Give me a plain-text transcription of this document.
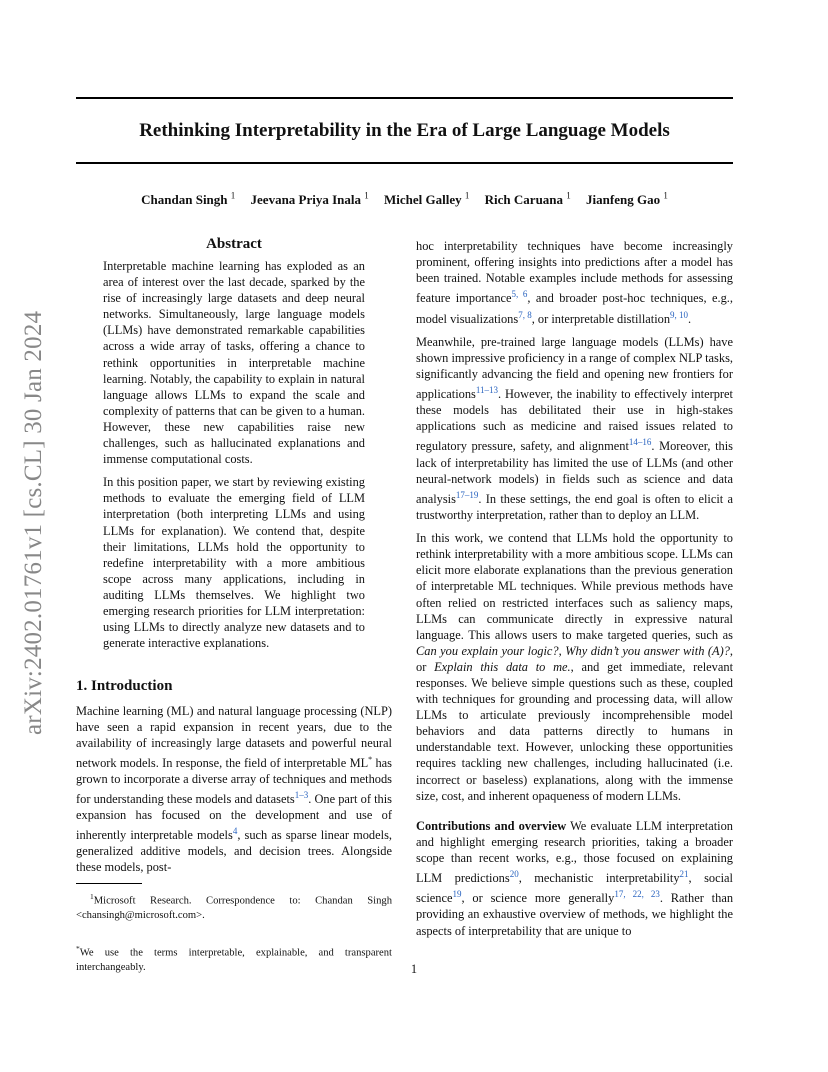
arXiv:2402.01761v1 [cs.CL] 30 Jan 2024
Rethinking Interpretability in the Era of Large Language Models
Chandan Singh $^1$ Jeevana Priya Inala $^1$ Michel Galley $^1$ Rich Caruana $^1$ Jianfeng Gao $^1$
Abstract

Interpretable machine learning has exploded as an area of interest over the last decade, sparked by the rise of increasingly large datasets and deep neural networks. Simultaneously, large language models (LLMs) have demonstrated remarkable capabilities across a wide array of tasks, offering a chance to rethink opportunities in interpretable machine learning. Notably, the capability to explain in natural language allows LLMs to expand the scale and complexity of patterns that can be given to a human. However, these new capabilities raise new challenges, such as hallucinated explanations and immense computational costs.

In this position paper, we start by reviewing existing methods to evaluate the emerging field of LLM interpretation (both interpreting LLMs and using LLMs for explanation). We contend that, despite their limitations, LLMs hold the opportunity to redefine interpretability with a more ambitious scope across many applications, including in auditing LLMs themselves. We highlight two emerging research priorities for LLM interpretation: using LLMs to directly analyze new datasets and to generate interactive explanations.

1. Introduction

Machine learning (ML) and natural language processing (NLP) have seen a rapid expansion in recent years, due to the availability of increasingly large datasets and powerful neural network models. In response, the field of interpretable ML* has grown to incorporate a diverse array of techniques and methods for understanding these models and datasets$^{1-3}$. One part of this expansion has focused on the development and use of inherently interpretable models$^4$, such as sparse linear models, generalized additive models, and decision trees. Alongside these models, post-

$^1$Microsoft Research. Correspondence to: Chandan Singh <chansingh@microsoft.com>.
*We use the terms interpretable, explainable, and transparent interchangeably.

hoc interpretability techniques have become increasingly prominent, offering insights into predictions after a model has been trained. Notable examples include methods for assessing feature importance$^{5, 6}$, and broader post-hoc techniques, e.g., model visualizations$^{7, 8}$, or interpretable distillation$^{9, 10}$.

Meanwhile, pre-trained large language models (LLMs) have shown impressive proficiency in a range of complex NLP tasks, significantly advancing the field and opening new frontiers for applications$^{11-13}$. However, the inability to effectively interpret these models has debilitated their use in high-stakes applications such as medicine and raised issues related to regulatory pressure, safety, and alignment$^{14-16}$. Moreover, this lack of interpretability has limited the use of LLMs (and other neural-network models) in fields such as science and data analysis$^{17-19}$. In these settings, the end goal is often to elicit a trustworthy interpretation, rather than to deploy an LLM.

In this work, we contend that LLMs hold the opportunity to rethink interpretability with a more ambitious scope. LLMs can elicit more elaborate explanations than the previous generation of interpretable ML techniques. While previous methods have often relied on restricted interfaces such as saliency maps, LLMs can communicate directly in expressive natural language. This allows users to make targeted queries, such as Can you explain your logic?, Why didn’t you answer with (A)?, or Explain this data to me., and get immediate, relevant responses. We believe simple questions such as these, coupled with techniques for grounding and processing data, will allow LLMs to articulate previously incomprehensible model behaviors and data patterns directly to humans in understandable text. However, unlocking these opportunities requires tackling new challenges, including hallucinated (i.e. incorrect or baseless) explanations, along with the immense size, cost, and inherent opaqueness of modern LLMs.

Contributions and overview We evaluate LLM interpretation and highlight emerging research priorities, taking a broader scope than recent works, e.g., those focused on explaining LLM predictions$^{20}$, mechanistic interpretability$^{21}$, social science$^{19}$, or science more generally$^{17, 22, 23}$. Rather than providing an exhaustive overview of methods, we highlight the aspects of interpretability that are unique to

1
